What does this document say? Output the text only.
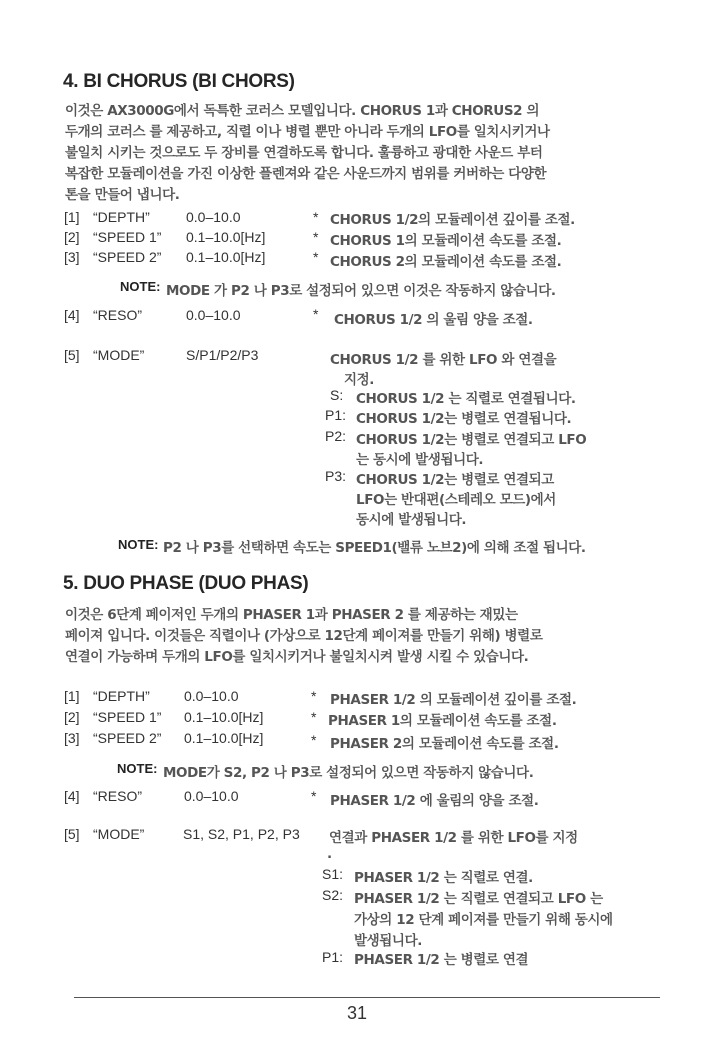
4. BI CHORUS (BI CHORS)
이것은 AX3000G에서 독특한 코러스 모델입니다. CHORUS 1과 CHORUS2 의
두개의 코러스 를 제공하고, 직렬 이나 병렬 뿐만 아니라 두개의 LFO를 일치시키거나
불일치 시키는 것으로도 두 장비를 연결하도록 합니다. 훌륭하고 광대한 사운드 부터
복잡한 모듈레이션을 가진 이상한 플렌져와 같은 사운드까지 범위를 커버하는 다양한
톤을 만들어 냅니다.
[1] “DEPTH”	0.0–10.0	* CHORUS 1/2의 모듈레이션 깊이를 조절.
[2] “SPEED 1” 0.1–10.0[Hz]	* CHORUS 1의 모듈레이션 속도를 조절.
[3] “SPEED 2” 0.1–10.0[Hz]	* CHORUS 2의 모듈레이션 속도를 조절.
NOTE: MODE 가 P2 나 P3로 설정되어 있으면 이것은 작동하지 않습니다.
[4] “RESO”	0.0–10.0	* CHORUS 1/2 의 울림 양을 조절.
[5] “MODE”	S/P1/P2/P3	CHORUS 1/2 를 위한 LFO 와 연결을
지정.
S: CHORUS 1/2 는 직렬로 연결됩니다.
P1: CHORUS 1/2는 병렬로 연결됩니다.
P2: CHORUS 1/2는 병렬로 연결되고 LFO
는 동시에 발생됩니다.
P3: CHORUS 1/2는 병렬로 연결되고
LFO는 반대편(스테레오 모드)에서
동시에 발생됩니다.
NOTE: P2 나 P3를 선택하면 속도는 SPEED1(밸류 노브2)에 의해 조절 됩니다.
5. DUO PHASE (DUO PHAS)
이것은 6단계 페이저인 두개의 PHASER 1과 PHASER 2 를 제공하는 재밌는
페이져 입니다. 이것들은 직렬이나 (가상으로 12단계 페이져를 만들기 위해) 병렬로
연결이 가능하며 두개의 LFO를 일치시키거나 불일치시켜 발생 시킬 수 있습니다.
[1] “DEPTH” 0.0–10.0	* PHASER 1/2 의 모듈레이션 깊이를 조절.
[2] “SPEED 1” 0.1–10.0[Hz]	* PHASER 1의 모듈레이션 속도를 조절.
[3] “SPEED 2” 0.1–10.0[Hz]	* PHASER 2의 모듈레이션 속도를 조절.
NOTE: MODE가 S2, P2 나 P3로 설정되어 있으면 작동하지 않습니다.
[4] “RESO”	0.0–10.0	* PHASER 1/2 에 울림의 양을 조절.
[5] “MODE”	S1, S2, P1, P2, P3 연결과 PHASER 1/2 를 위한 LFO를 지정
.
S1: PHASER 1/2 는 직렬로 연결.
S2: PHASER 1/2 는 직렬로 연결되고 LFO 는
가상의 12 단계 페이져를 만들기 위해 동시에
발생됩니다.
P1: PHASER 1/2 는 병렬로 연결
31
